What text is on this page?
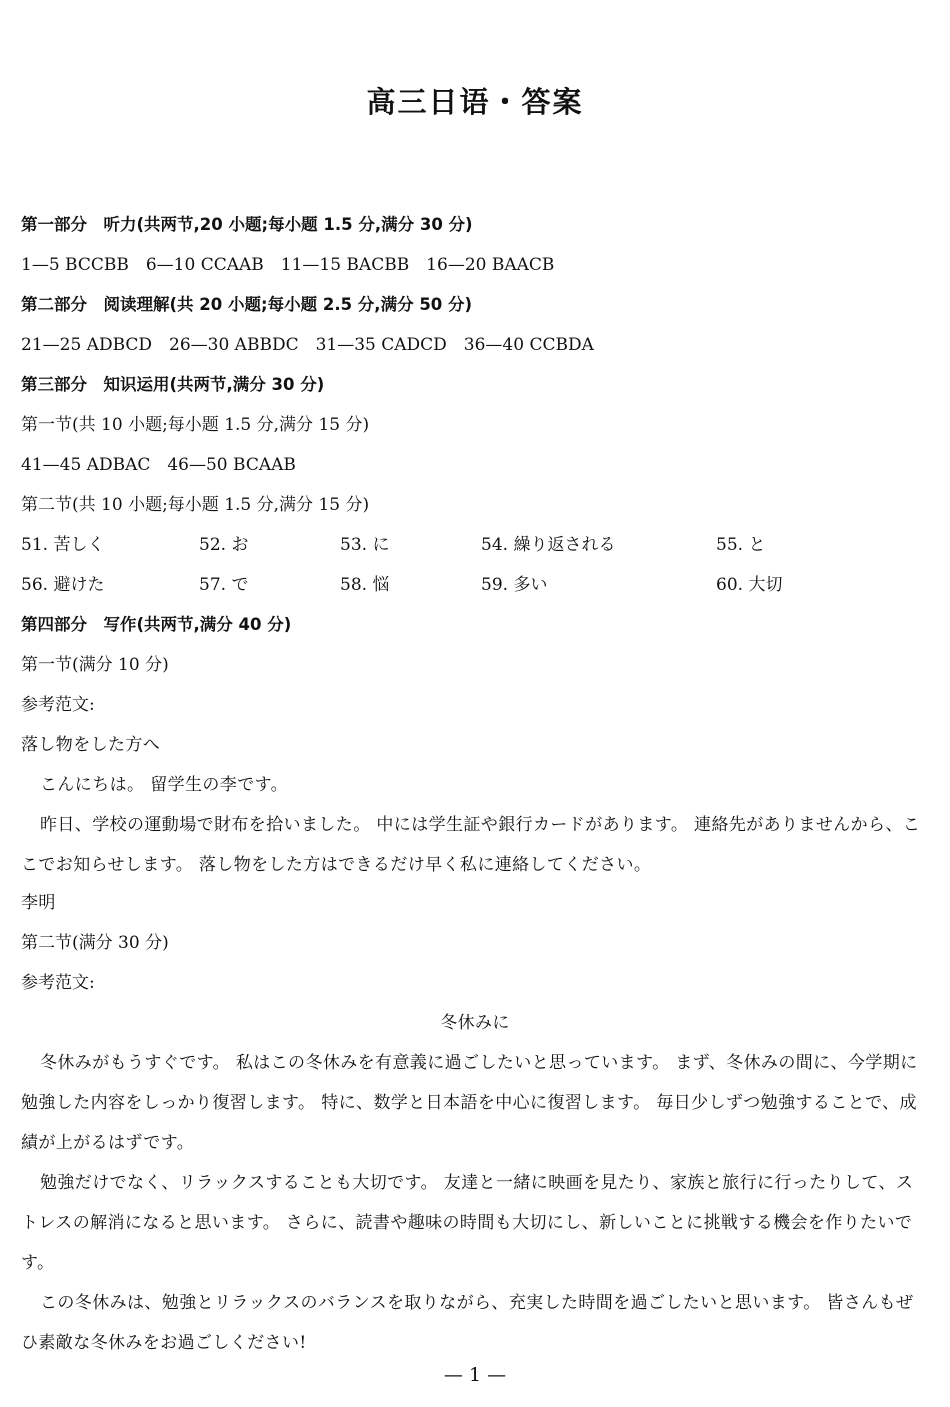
高三日语・答案
第一部分　听力(共两节,20 小题;每小题 1.5 分,满分 30 分)
1—5 BCCBB　6—10 CCAAB　11—15 BACBB　16—20 BAACB
第二部分　阅读理解(共 20 小题;每小题 2.5 分,满分 50 分)
21—25 ADBCD　26—30 ABBDC　31—35 CADCD　36—40 CCBDA
第三部分　知识运用(共两节,满分 30 分)
第一节(共 10 小题;每小题 1.5 分,满分 15 分)
41—45 ADBAC　46—50 BCAAB
第二节(共 10 小题;每小题 1.5 分,满分 15 分)
51. 苦しく	52. お	53. に	54. 繰り返される	55. と
56. 避けた	57. で	58. 悩	59. 多い	60. 大切
第四部分　写作(共两节,满分 40 分)
第一节(满分 10 分)
参考范文:
落し物をした方へ
こんにちは。 留学生の李です。
昨日、学校の運動場で財布を拾いました。 中には学生証や銀行カードがあります。 連絡先がありませんから、ここでお知らせします。 落し物をした方はできるだけ早く私に連絡してください。
李明
第二节(满分 30 分)
参考范文:
冬休みに
冬休みがもうすぐです。 私はこの冬休みを有意義に過ごしたいと思っています。 まず、冬休みの間に、今学期に勉強した内容をしっかり復習します。 特に、数学と日本語を中心に復習します。 毎日少しずつ勉強することで、成績が上がるはずです。
勉強だけでなく、リラックスすることも大切です。 友達と一緒に映画を見たり、家族と旅行に行ったりして、ストレスの解消になると思います。 さらに、読書や趣味の時間も大切にし、新しいことに挑戦する機会を作りたいです。
この冬休みは、勉強とリラックスのバランスを取りながら、充実した時間を過ごしたいと思います。 皆さんもぜひ素敵な冬休みをお過ごしください!
— 1 —
